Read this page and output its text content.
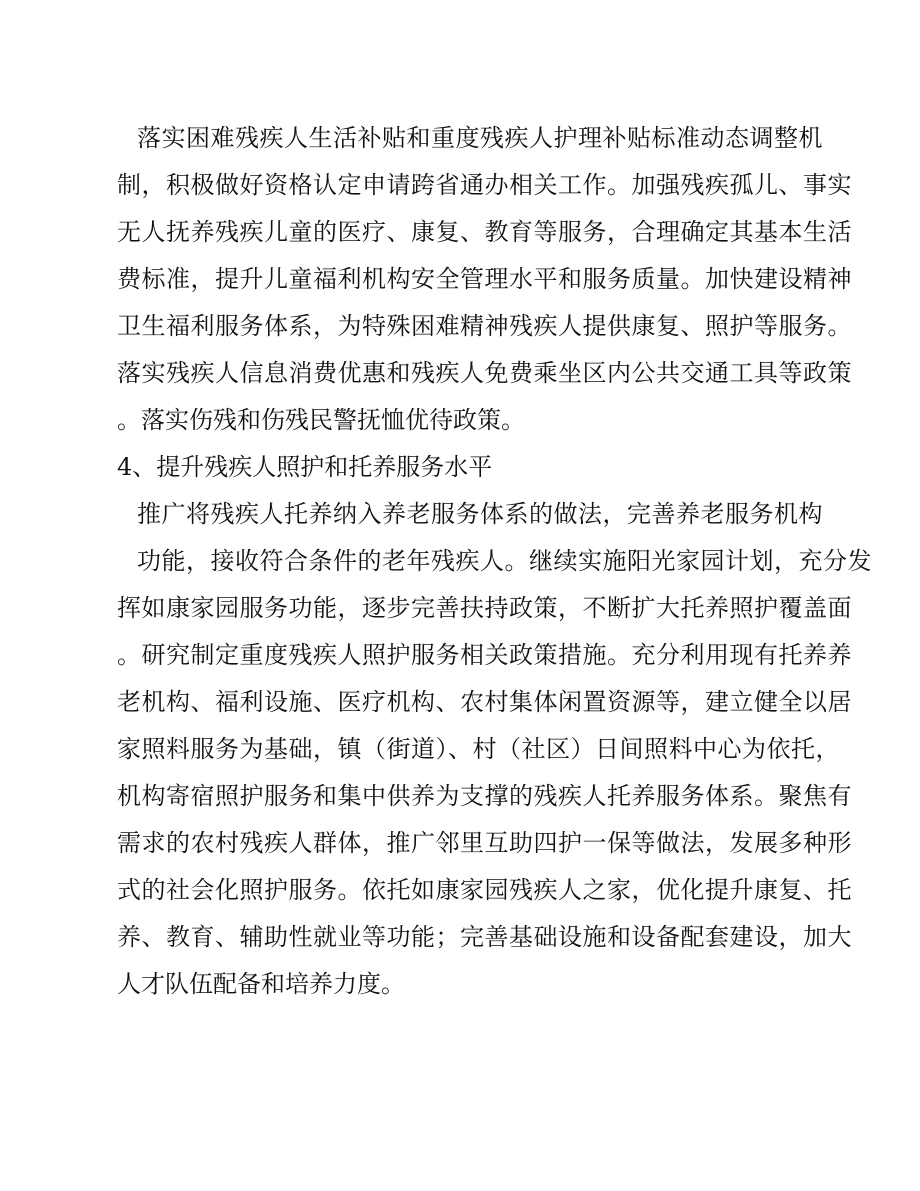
落实困难残疾人生活补贴和重度残疾人护理补贴标准动态调整机
制，积极做好资格认定申请跨省通办相关工作。加强残疾孤儿、事实
无人抚养残疾儿童的医疗、康复、教育等服务，合理确定其基本生活
费标准，提升儿童福利机构安全管理水平和服务质量。加快建设精神
卫生福利服务体系，为特殊困难精神残疾人提供康复、照护等服务。
落实残疾人信息消费优惠和残疾人免费乘坐区内公共交通工具等政策
。落实伤残和伤残民警抚恤优待政策。
4、提升残疾人照护和托养服务水平
推广将残疾人托养纳入养老服务体系的做法，完善养老服务机构
功能，接收符合条件的老年残疾人。继续实施阳光家园计划，充分发
挥如康家园服务功能，逐步完善扶持政策，不断扩大托养照护覆盖面
。研究制定重度残疾人照护服务相关政策措施。充分利用现有托养养
老机构、福利设施、医疗机构、农村集体闲置资源等，建立健全以居
家照料服务为基础，镇（街道）、村（社区）日间照料中心为依托，
机构寄宿照护服务和集中供养为支撑的残疾人托养服务体系。聚焦有
需求的农村残疾人群体，推广邻里互助四护一保等做法，发展多种形
式的社会化照护服务。依托如康家园残疾人之家，优化提升康复、托
养、教育、辅助性就业等功能；完善基础设施和设备配套建设，加大
人才队伍配备和培养力度。
